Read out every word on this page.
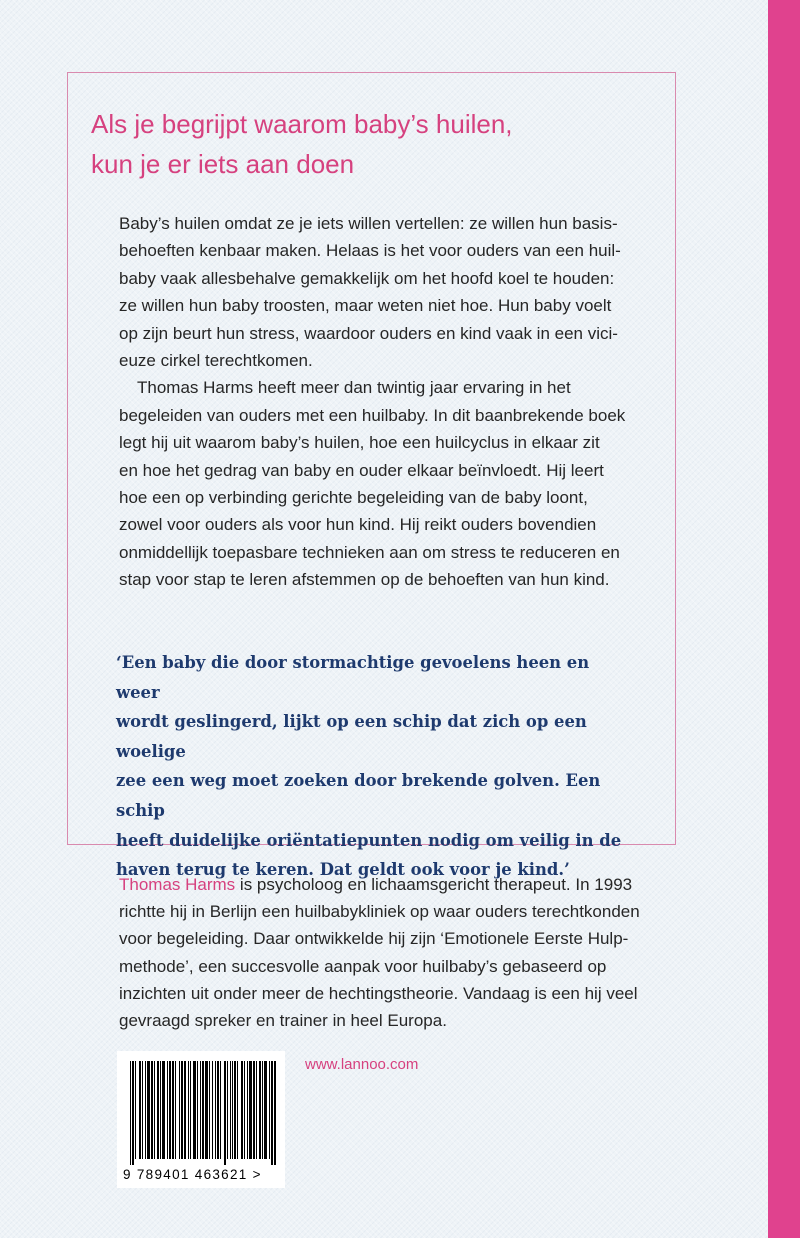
Als je begrijpt waarom baby’s huilen,
kun je er iets aan doen

Baby’s huilen omdat ze je iets willen vertellen: ze willen hun basis-
behoeften kenbaar maken. Helaas is het voor ouders van een huil-
baby vaak allesbehalve gemakkelijk om het hoofd koel te houden:
ze willen hun baby troosten, maar weten niet hoe. Hun baby voelt
op zijn beurt hun stress, waardoor ouders en kind vaak in een vici-
euze cirkel terechtkomen.

Thomas Harms heeft meer dan twintig jaar ervaring in het
begeleiden van ouders met een huilbaby. In dit baanbrekende boek
legt hij uit waarom baby’s huilen, hoe een huilcyclus in elkaar zit
en hoe het gedrag van baby en ouder elkaar beïnvloedt. Hij leert
hoe een op verbinding gerichte begeleiding van de baby loont,
zowel voor ouders als voor hun kind. Hij reikt ouders bovendien
onmiddellijk toepasbare technieken aan om stress te reduceren en
stap voor stap te leren afstemmen op de behoeften van hun kind.

‘Een baby die door stormachtige gevoelens heen en weer
wordt geslingerd, lijkt op een schip dat zich op een woelige
zee een weg moet zoeken door brekende golven. Een schip
heeft duidelijke oriëntatiepunten nodig om veilig in de
haven terug te keren. Dat geldt ook voor je kind.’

Thomas Harms is psycholoog en lichaamsgericht therapeut. In 1993
richtte hij in Berlijn een huilbabykliniek op waar ouders terechtkonden
voor begeleiding. Daar ontwikkelde hij zijn ‘Emotionele Eerste Hulp-
methode’, een succesvolle aanpak voor huilbaby’s gebaseerd op
inzichten uit onder meer de hechtingstheorie. Vandaag is een hij veel
gevraagd spreker en trainer in heel Europa.

www.lannoo.com

9 789401 463621 >
